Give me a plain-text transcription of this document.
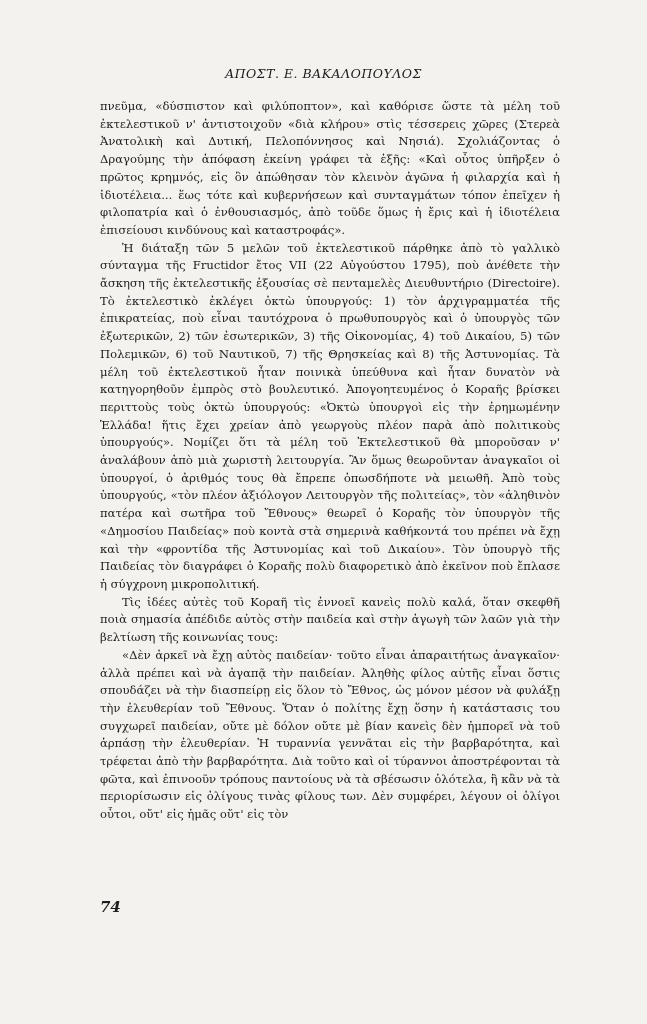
ΑΠΟΣΤ. Ε. ΒΑΚΑΛΟΠΟΥΛΟΣ

πνεῦμα, «δύσπιστον καὶ φιλύποπτον», καὶ καθόρισε ὥστε τὰ μέλη τοῦ ἐκτελεστικοῦ ν' ἀντιστοιχοῦν «διὰ κλήρου» στὶς τέσσερεις χῶρες (Στερεὰ Ἀνατολικὴ καὶ Δυτική, Πελοπόννησος καὶ Νησιά). Σχολιάζοντας ὁ Δραγούμης τὴν ἀπόφαση ἐκείνη γράφει τὰ ἑξῆς: «Καὶ οὗτος ὑπῆρξεν ὁ πρῶτος κρημνός, εἰς ὃν ἀπώθησαν τὸν κλεινὸν ἀγῶνα ἡ φιλαρχία καὶ ἡ ἰδιοτέλεια... ἕως τότε καὶ κυβερνήσεων καὶ συνταγμάτων τόπον ἐπεῖχεν ἡ φιλοπατρία καὶ ὁ ἐνθουσιασμός, ἀπὸ τοῦδε ὅμως ἡ ἔρις καὶ ἡ ἰδιοτέλεια ἐπισείουσι κινδύνους καὶ καταστροφάς».

Ἡ διάταξη τῶν 5 μελῶν τοῦ ἐκτελεστικοῦ πάρθηκε ἀπὸ τὸ γαλλικὸ σύνταγμα τῆς Fructidor ἔτος VII (22 Αὐγούστου 1795), ποὺ ἀνέθετε τὴν ἄσκηση τῆς ἐκτελεστικῆς ἐξουσίας σὲ πενταμελὲς Διευθυντήριο (Directoire). Τὸ ἐκτελεστικὸ ἐκλέγει ὀκτὼ ὑπουργούς: 1) τὸν ἀρχιγραμματέα τῆς ἐπικρατείας, ποὺ εἶναι ταυτόχρονα ὁ πρωθυπουργὸς καὶ ὁ ὑπουργὸς τῶν ἐξωτερικῶν, 2) τῶν ἐσωτερικῶν, 3) τῆς Οἰκονομίας, 4) τοῦ Δικαίου, 5) τῶν Πολεμικῶν, 6) τοῦ Ναυτικοῦ, 7) τῆς Θρησκείας καὶ 8) τῆς Ἀστυνομίας. Τὰ μέλη τοῦ ἐκτελεστικοῦ ἦταν ποινικὰ ὑπεύθυνα καὶ ἦταν δυνατὸν νὰ κατηγορηθοῦν ἐμπρὸς στὸ βουλευτικό. Ἀπογοητευμένος ὁ Κοραῆς βρίσκει περιττοὺς τοὺς ὀκτὼ ὑπουργούς: «Ὀκτὼ ὑπουργοὶ εἰς τὴν ἐρημωμένην Ἑλλάδα! ἥτις ἔχει χρείαν ἀπὸ γεωργοὺς πλέον παρὰ ἀπὸ πολιτικοὺς ὑπουργούς». Νομίζει ὅτι τὰ μέλη τοῦ Ἐκτελεστικοῦ θὰ μποροῦσαν ν' ἀναλάβουν ἀπὸ μιὰ χωριστὴ λειτουργία. Ἂν ὅμως θεωροῦνταν ἀναγκαῖοι οἱ ὑπουργοί, ὁ ἀριθμός τους θὰ ἔπρεπε ὁπωσδήποτε νὰ μειωθῆ. Ἀπὸ τοὺς ὑπουργούς, «τὸν πλέον ἀξιόλογον Λειτουργὸν τῆς πολιτείας», τὸν «ἀληθινὸν πατέρα καὶ σωτῆρα τοῦ Ἔθνους» θεωρεῖ ὁ Κοραῆς τὸν ὑπουργὸν τῆς «Δημοσίου Παιδείας» ποὺ κοντὰ στὰ σημερινὰ καθήκοντά του πρέπει νὰ ἔχῃ καὶ τὴν «φροντίδα τῆς Ἀστυνομίας καὶ τοῦ Δικαίου». Τὸν ὑπουργὸ τῆς Παιδείας τὸν διαγράφει ὁ Κοραῆς πολὺ διαφορετικὸ ἀπὸ ἐκεῖνον ποὺ ἔπλασε ἡ σύγχρονη μικροπολιτική.

Τὶς ἰδέες αὐτὲς τοῦ Κοραῆ τὶς ἐννοεῖ κανεὶς πολὺ καλά, ὅταν σκεφθῆ ποιὰ σημασία ἀπέδιδε αὐτὸς στὴν παιδεία καὶ στὴν ἀγωγὴ τῶν λαῶν γιὰ τὴν βελτίωση τῆς κοινωνίας τους:

«Δὲν ἀρκεῖ νὰ ἔχῃ αὐτὸς παιδείαν· τοῦτο εἶναι ἀπαραιτήτως ἀναγκαῖον· ἀλλὰ πρέπει καὶ νὰ ἀγαπᾷ τὴν παιδείαν. Ἀληθὴς φίλος αὐτῆς εἶναι ὅστις σπουδάζει νὰ τὴν διασπείρῃ εἰς ὅλον τὸ Ἔθνος, ὡς μόνον μέσον νὰ φυλάξῃ τὴν ἐλευθερίαν τοῦ Ἔθνους. Ὅταν ὁ πολίτης ἔχῃ ὅσην ἡ κατάστασις του συγχωρεῖ παιδείαν, οὔτε μὲ δόλον οὔτε μὲ βίαν κανεὶς δὲν ἠμπορεῖ νὰ τοῦ ἁρπάσῃ τὴν ἐλευθερίαν. Ἡ τυραννία γεννᾶται εἰς τὴν βαρβαρότητα, καὶ τρέφεται ἀπὸ τὴν βαρβαρότητα. Διὰ τοῦτο καὶ οἱ τύραννοι ἀποστρέφονται τὰ φῶτα, καὶ ἐπινοοῦν τρόπους παντοίους νὰ τὰ σβέσωσιν ὁλότελα, ἢ κἂν νὰ τὰ περιορίσωσιν εἰς ὀλίγους τινὰς φίλους των. Δὲν συμφέρει, λέγουν οἱ ὀλίγοι οὗτοι, οὔτ' εἰς ἡμᾶς οὔτ' εἰς τὸν

74
